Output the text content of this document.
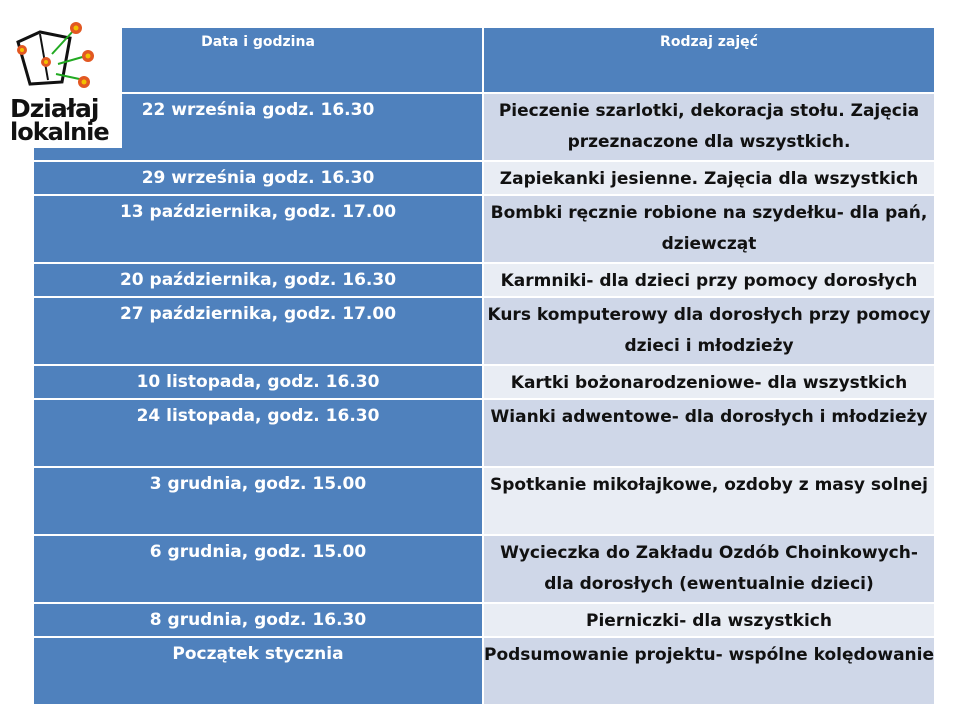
Działaj
lokalnie
Data i godzina	Rodzaj zajęć
22 września godz. 16.30	Pieczenie szarlotki, dekoracja stołu. Zajęcia przeznaczone dla wszystkich.
29 września godz. 16.30	Zapiekanki jesienne. Zajęcia dla wszystkich
13 października, godz. 17.00	Bombki ręcznie robione na szydełku- dla pań, dziewcząt
20 października, godz. 16.30	Karmniki- dla dzieci przy pomocy dorosłych
27 października, godz. 17.00	Kurs komputerowy dla dorosłych przy pomocy dzieci i młodzieży
10 listopada, godz. 16.30	Kartki bożonarodzeniowe- dla wszystkich
24 listopada, godz. 16.30	Wianki adwentowe- dla dorosłych i młodzieży
3 grudnia, godz. 15.00	Spotkanie mikołajkowe, ozdoby z masy solnej
6 grudnia, godz. 15.00	Wycieczka do Zakładu Ozdób Choinkowych- dla dorosłych (ewentualnie dzieci)
8 grudnia, godz. 16.30	Pierniczki- dla wszystkich
Początek stycznia	Podsumowanie projektu- wspólne kolędowanie
